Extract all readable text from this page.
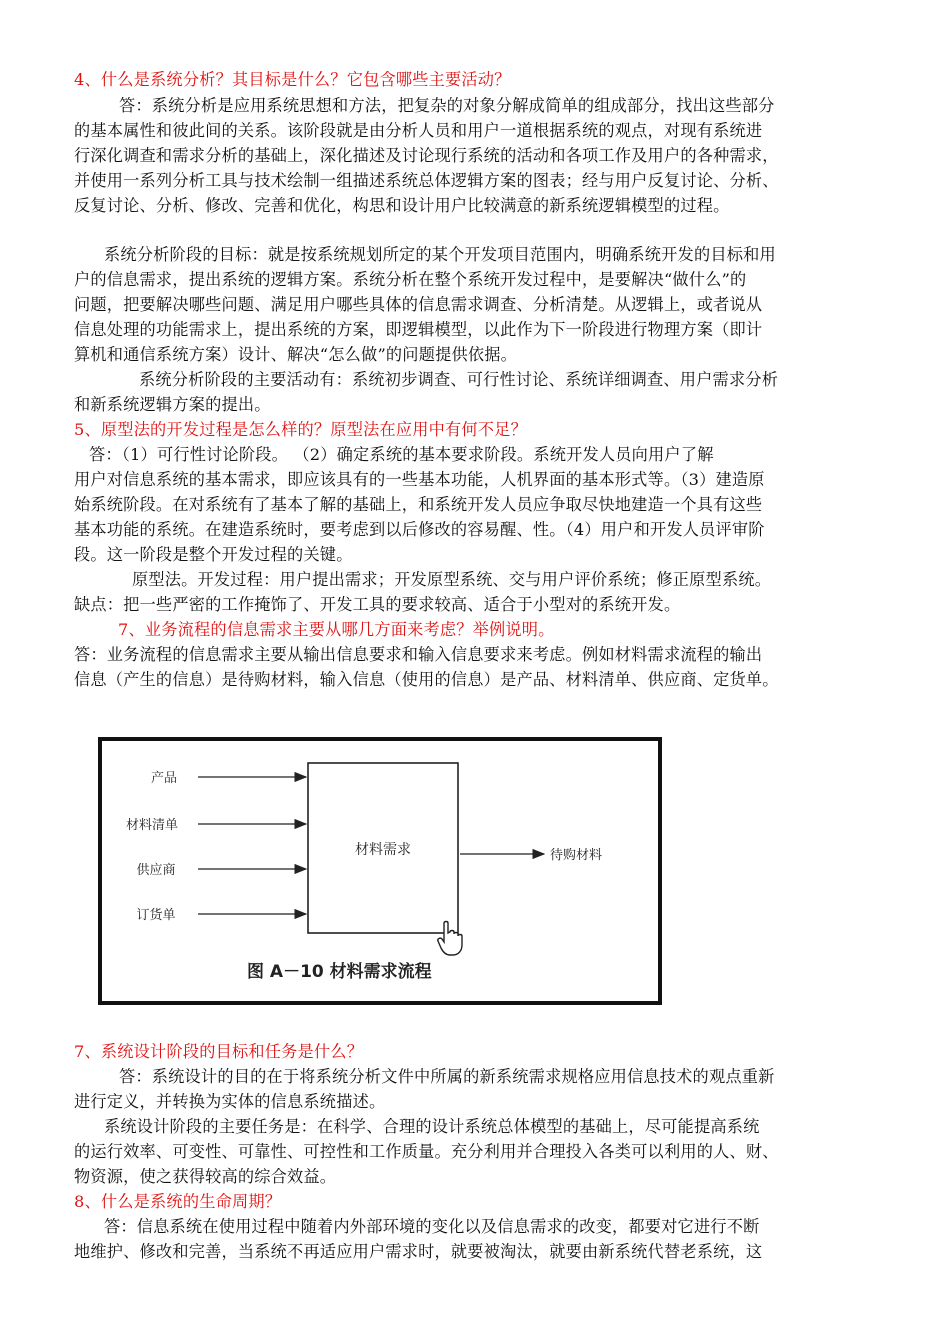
4、什么是系统分析？其目标是什么？它包含哪些主要活动？

答：系统分析是应用系统思想和方法，把复杂的对象分解成简单的组成部分，找出这些部分

的基本属性和彼此间的关系。该阶段就是由分析人员和用户一道根据系统的观点，对现有系统进

行深化调查和需求分析的基础上，深化描述及讨论现行系统的活动和各项工作及用户的各种需求，

并使用一系列分析工具与技术绘制一组描述系统总体逻辑方案的图表；经与用户反复讨论、分析、

反复讨论、分析、修改、完善和优化，构思和设计用户比较满意的新系统逻辑模型的过程。

系统分析阶段的目标：就是按系统规划所定的某个开发项目范围内，明确系统开发的目标和用

户的信息需求，提出系统的逻辑方案。系统分析在整个系统开发过程中，是要解决“做什么”的

问题，把要解决哪些问题、满足用户哪些具体的信息需求调查、分析清楚。从逻辑上，或者说从

信息处理的功能需求上，提出系统的方案，即逻辑模型，以此作为下一阶段进行物理方案（即计

算机和通信系统方案）设计、解决“怎么做”的问题提供依据。

系统分析阶段的主要活动有：系统初步调查、可行性讨论、系统详细调查、用户需求分析

和新系统逻辑方案的提出。

5、原型法的开发过程是怎么样的？原型法在应用中有何不足？

答：（1）可行性讨论阶段。 （2）确定系统的基本要求阶段。系统开发人员向用户了解

用户对信息系统的基本需求，即应该具有的一些基本功能，人机界面的基本形式等。（3）建造原

始系统阶段。在对系统有了基本了解的基础上，和系统开发人员应争取尽快地建造一个具有这些

基本功能的系统。在建造系统时，要考虑到以后修改的容易醒、性。（4）用户和开发人员评审阶

段。这一阶段是整个开发过程的关键。

原型法。开发过程：用户提出需求；开发原型系统、交与用户评价系统；修正原型系统。

缺点：把一些严密的工作掩饰了、开发工具的要求较高、适合于小型对的系统开发。

7、业务流程的信息需求主要从哪几方面来考虑？举例说明。

答：业务流程的信息需求主要从输出信息要求和输入信息要求来考虑。例如材料需求流程的输出

信息（产生的信息）是待购材料，输入信息（使用的信息）是产品、材料清单、供应商、定货单。

材料需求
产品
材料清单
供应商
订货单
待购材料
图 A－10 材料需求流程

7、系统设计阶段的目标和任务是什么？

答：系统设计的目的在于将系统分析文件中所属的新系统需求规格应用信息技术的观点重新

进行定义，并转换为实体的信息系统描述。

系统设计阶段的主要任务是：在科学、合理的设计系统总体模型的基础上，尽可能提高系统

的运行效率、可变性、可靠性、可控性和工作质量。充分利用并合理投入各类可以利用的人、财、

物资源，使之获得较高的综合效益。

8、什么是系统的生命周期？

答：信息系统在使用过程中随着内外部环境的变化以及信息需求的改变，都要对它进行不断

地维护、修改和完善，当系统不再适应用户需求时，就要被淘汰，就要由新系统代替老系统，这
